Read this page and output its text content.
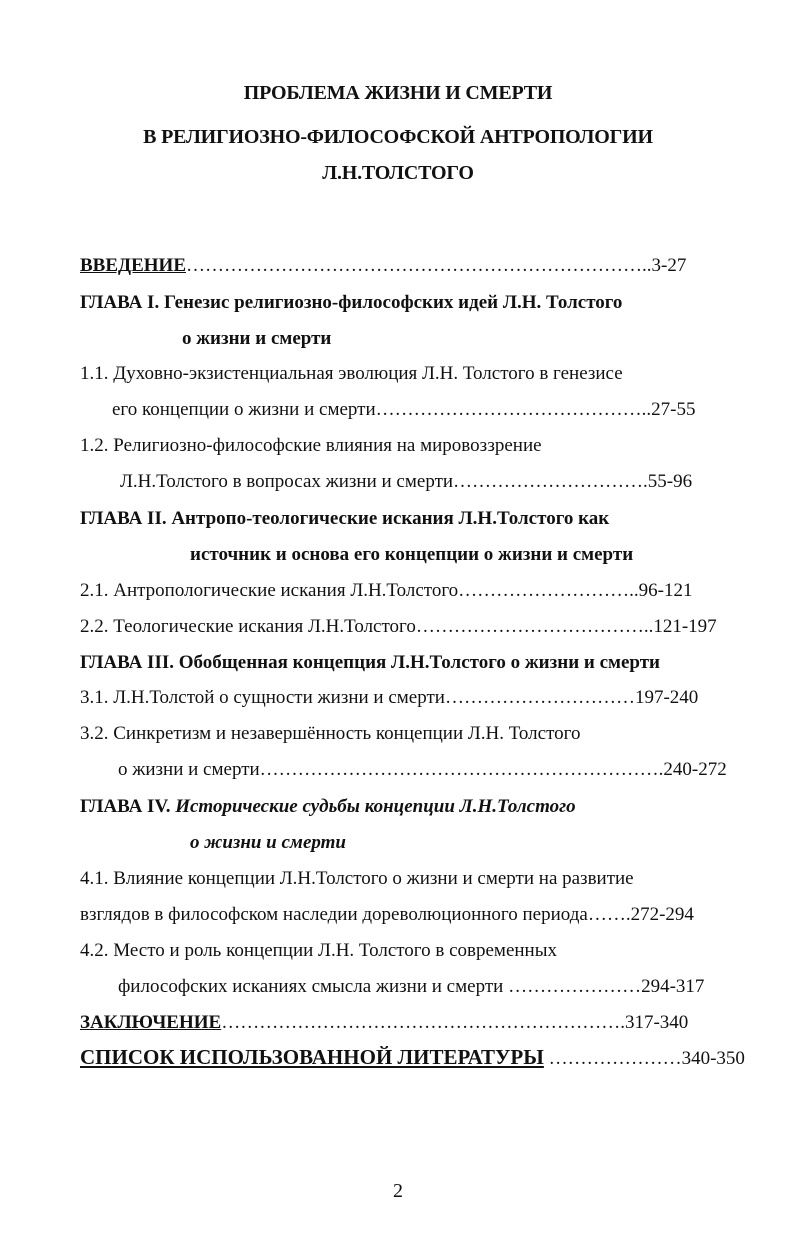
ПРОБЛЕМА ЖИЗНИ И СМЕРТИ
В РЕЛИГИОЗНО-ФИЛОСОФСКОЙ АНТРОПОЛОГИИ
Л.Н.ТОЛСТОГО
ВВЕДЕНИЕ………………………………………………………………..3-27
ГЛАВА I. Генезис религиозно-философских идей Л.Н. Толстого
о жизни и смерти
1.1. Духовно-экзистенциальная эволюция Л.Н. Толстого в генезисе
его концепции о жизни и смерти……………………………………..27-55
1.2. Религиозно-философские влияния на мировоззрение
Л.Н.Толстого в вопросах жизни и смерти………………………….55-96
ГЛАВА II. Антропо-теологические искания Л.Н.Толстого как
источник и основа его концепции о жизни и смерти
2.1. Антропологические искания Л.Н.Толстого………………………..96-121
2.2. Теологические искания Л.Н.Толстого………………………………..121-197
ГЛАВА III. Обобщенная концепция Л.Н.Толстого о жизни и смерти
3.1. Л.Н.Толстой о сущности жизни и смерти…………………………197-240
3.2. Синкретизм и незавершённость концепции Л.Н. Толстого
о жизни и смерти……………………………………………………….240-272
ГЛАВА IV. Исторические судьбы концепции Л.Н.Толстого
о жизни и смерти
4.1. Влияние концепции Л.Н.Толстого о жизни и смерти на развитие
взглядов в философском наследии дореволюционного периода…….272-294
4.2. Место и роль концепции Л.Н. Толстого в современных
философских исканиях смысла жизни и смерти …………………294-317
ЗАКЛЮЧЕНИЕ……………………………………………………….317-340
СПИСОК ИСПОЛЬЗОВАННОЙ ЛИТЕРАТУРЫ …………………340-350
2
